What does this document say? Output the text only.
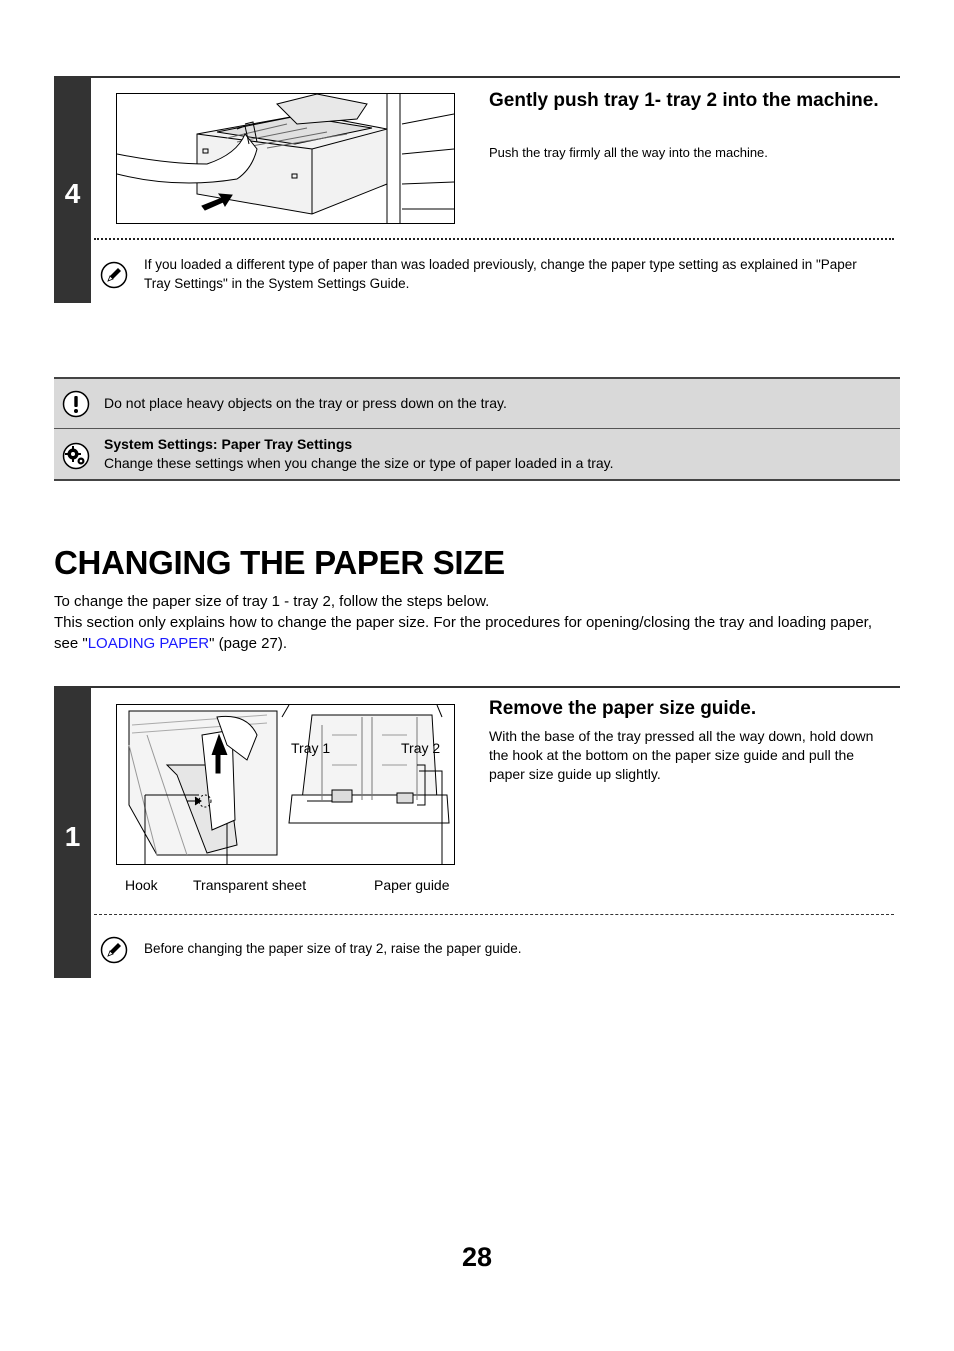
4
Gently push tray 1- tray 2 into the machine.
Push the tray firmly all the way into the machine.
If you loaded a different type of paper than was loaded previously, change the paper type setting as explained in "Paper Tray Settings" in the System Settings Guide.
Do not place heavy objects on the tray or press down on the tray.
System Settings: Paper Tray Settings
Change these settings when you change the size or type of paper loaded in a tray.
CHANGING THE PAPER SIZE
To change the paper size of tray 1 - tray 2, follow the steps below.
This section only explains how to change the paper size. For the procedures for opening/closing the tray and loading paper, see "LOADING PAPER" (page 27).
1
Tray 1	Tray 2
Hook	Transparent sheet	Paper guide
Remove the paper size guide.
With the base of the tray pressed all the way down, hold down the hook at the bottom on the paper size guide and pull the paper size guide up slightly.
Before changing the paper size of tray 2, raise the paper guide.
28
